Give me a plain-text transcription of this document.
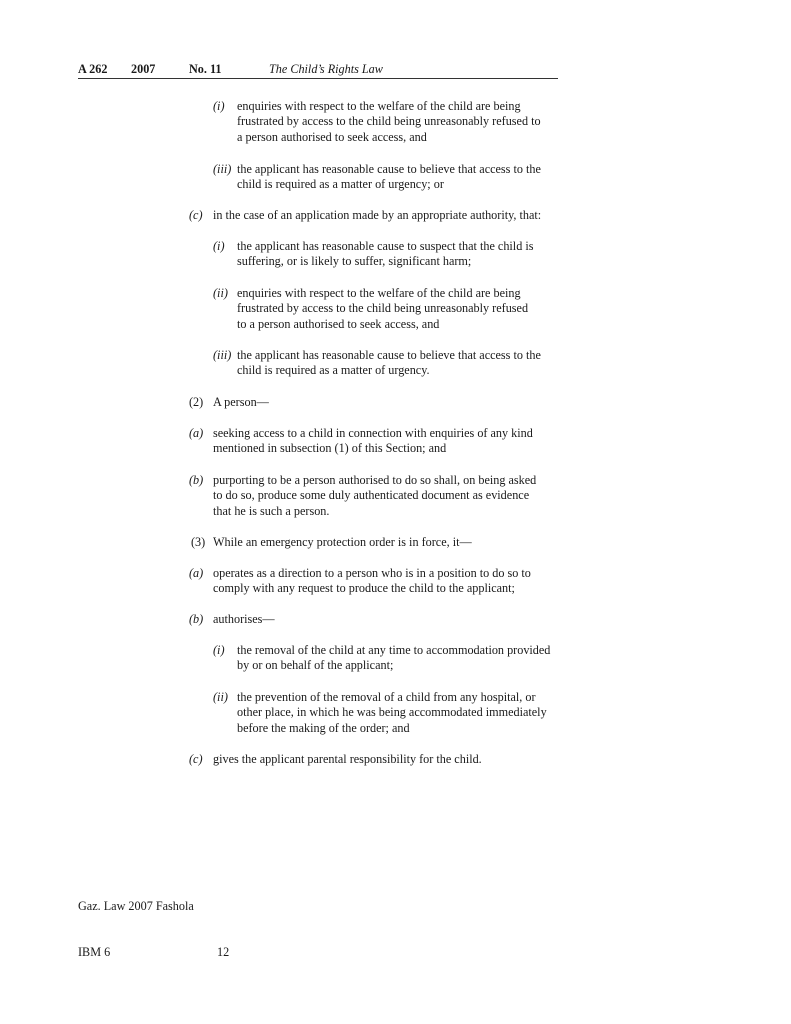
A 262 2007	No. 11	The Child’s Rights Law
(i) enquiries with respect to the welfare of the child are being

frustrated by access to the child being unreasonably refused to

a person authorised to seek access, and

(iii) the applicant has reasonable cause to believe that access to the

child is required as a matter of urgency; or

(c) in the case of an application made by an appropriate authority, that:

(i) the applicant has reasonable cause to suspect that the child is

suffering, or is likely to suffer, significant harm;

(ii) enquiries with respect to the welfare of the child are being

frustrated by access to the child being unreasonably refused

to a person authorised to seek access, and

(iii) the applicant has reasonable cause to believe that access to the

child is required as a matter of urgency.

(2) A person—

(a) seeking access to a child in connection with enquiries of any kind

mentioned in subsection (1) of this Section; and

(b) purporting to be a person authorised to do so shall, on being asked

to do so, produce some duly authenticated document as evidence

that he is such a person.

(3) While an emergency protection order is in force, it—

(a) operates as a direction to a person who is in a position to do so to

comply with any request to produce the child to the applicant;

(b) authorises—

(i) the removal of the child at any time to accommodation provided

by or on behalf of the applicant;

(ii) the prevention of the removal of a child from any hospital, or

other place, in which he was being accommodated immediately

before the making of the order; and

(c) gives the applicant parental responsibility for the child.

Gaz. Law 2007 Fashola
IBM 6	12
